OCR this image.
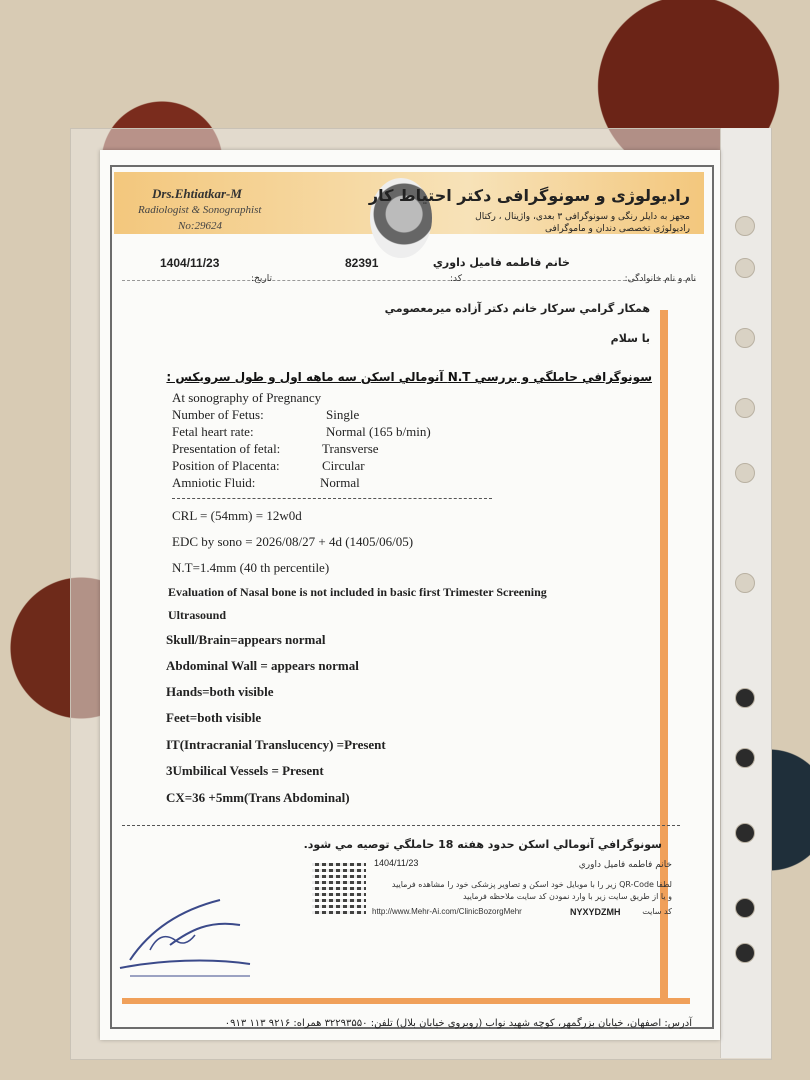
Drs.Ehtiatkar-M
Radiologist & Sonographist
No:29624
رادیولوژی و سونوگرافی دکتر احتیاط کار
مجهز به دایلر رنگی و سونوگرافی ۳ بعدی، واژینال ، رکتال
رادیولوژی تخصصی دندان و ماموگرافی
1404/11/23	82391	خانم فاطمه فامیل داوري
نام و نام خانوادگی:
کد:
تاریخ:
همکار گرامي سرکار خانم دکتر آزاده میرمعصومي
با سلام
سونوگرافي حاملگي و بررسي N.T آنومالي اسکن سه ماهه اول و طول سرويکس :
At sonography of Pregnancy
Number of Fetus:	Single
Fetal heart rate:	Normal (165 b/min)
Presentation of fetal:	Transverse
Position of Placenta:	Circular
Amniotic Fluid:	Normal
CRL = (54mm) = 12w0d
EDC by sono = 2026/08/27 + 4d (1405/06/05)
N.T=1.4mm (40 th percentile)
Evaluation of Nasal bone is not included in basic first Trimester Screening
Ultrasound
Skull/Brain=appears normal
Abdominal Wall = appears normal
Hands=both visible
Feet=both visible
IT(Intracranial Translucency) =Present
3Umbilical Vessels = Present
CX=36 +5mm(Trans Abdominal)
سونوگرافي آنومالي اسکن حدود هفته 18 حاملگي توصیه مي شود.
1404/11/23	خانم فاطمه فامیل داوري
لطفا QR-Code زیر را با موبایل خود اسکن و تصاویر پزشکی خود را مشاهده فرمایید
و یا از طریق سایت زیر با وارد نمودن کد سایت ملاحظه فرمایید
http://www.Mehr-Ai.com/ClinicBozorgMehr	NYXYDZMH	کد سایت
آدرس: اصفهان، خیابان بزرگمهر، کوچه شهید نواب (روبروی خیابان بلال) تلفن: ۳۲۲۹۳۵۵۰ همراه: ۹۲۱۶ ۱۱۳ ۰۹۱۳
